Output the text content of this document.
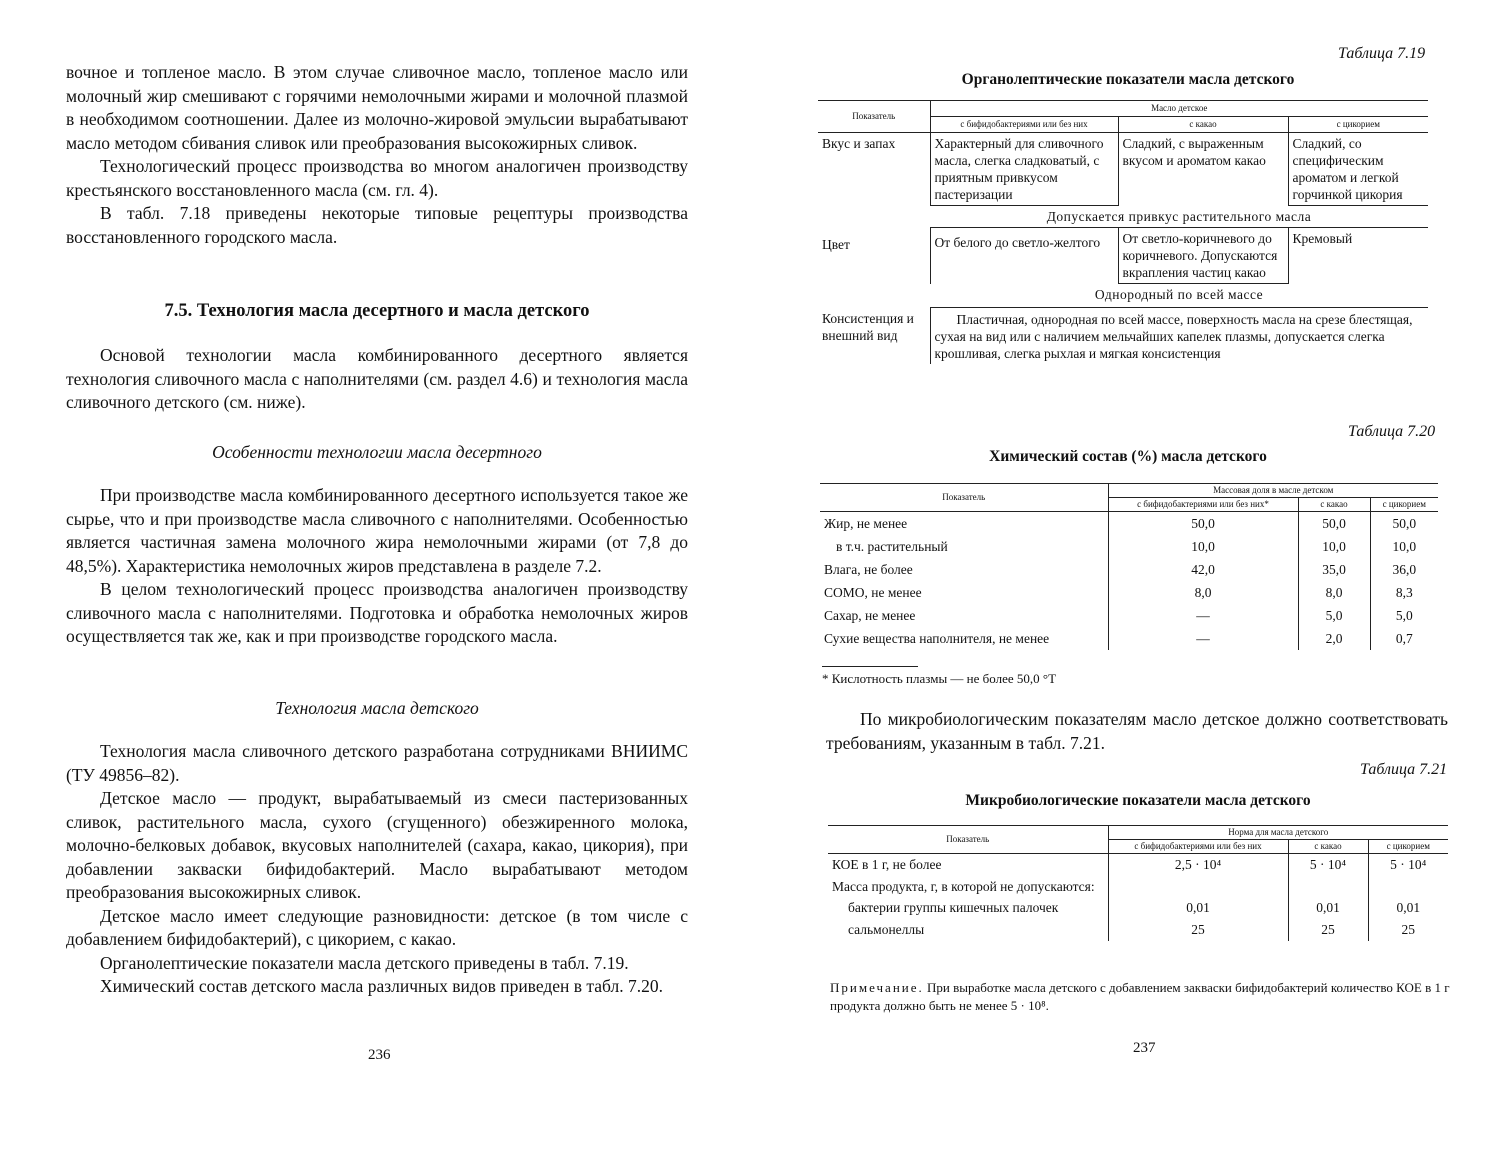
вочное и топленое масло. В этом случае сливочное масло, топленое масло или молочный жир смешивают с горячими немолочными жирами и молочной плазмой в необходимом соотношении. Далее из молочно-жировой эмульсии вырабатывают масло методом сбивания сливок или преобразования высокожирных сливок.

Технологический процесс производства во многом аналогичен производству крестьянского восстановленного масла (см. гл. 4).

В табл. 7.18 приведены некоторые типовые рецептуры производства восстановленного городского масла.

7.5. Технология масла десертного и масла детского

Основой технологии масла комбинированного десертного является технология сливочного масла с наполнителями (см. раздел 4.6) и технология масла сливочного детского (см. ниже).

Особенности технологии масла десертного

При производстве масла комбинированного десертного используется такое же сырье, что и при производстве масла сливочного с наполнителями. Особенностью является частичная замена молочного жира немолочными жирами (от 7,8 до 48,5%). Характеристика немолочных жиров представлена в разделе 7.2.

В целом технологический процесс производства аналогичен производству сливочного масла с наполнителями. Подготовка и обработка немолочных жиров осуществляется так же, как и при производстве городского масла.

Технология масла детского

Технология масла сливочного детского разработана сотрудниками ВНИИМС (ТУ 49856–82).

Детское масло — продукт, вырабатываемый из смеси пастеризованных сливок, растительного масла, сухого (сгущенного) обезжиренного молока, молочно-белковых добавок, вкусовых наполнителей (сахара, какао, цикория), при добавлении закваски бифидобактерий. Масло вырабатывают методом преобразования высокожирных сливок.

Детское масло имеет следующие разновидности: детское (в том числе с добавлением бифидобактерий), с цикорием, с какао.

Органолептические показатели масла детского приведены в табл. 7.19.

Химический состав детского масла различных видов приведен в табл. 7.20.

236
Таблица 7.19
Органолептические показатели масла детского
Показатель	Масло детское		
	с бифидобактериями или без них	с какао	с цикорием
Вкус и запах	Характерный для сливочного масла, слегка сладковатый, с приятным привкусом пастеризации	Сладкий, с выраженным вкусом и ароматом какао	Сладкий, со специфическим ароматом и легкой горчинкой цикория
	Допускается привкус растительного масла		
Цвет	От белого до светло-желтого	От светло-коричневого до коричневого. Допускаются вкрапления частиц какао	Кремовый
	Однородный по всей массе		
Консистенция и внешний вид	Пластичная, однородная по всей массе, поверхность масла на срезе блестящая, сухая на вид или с наличием мельчайших капелек плазмы, допускается слегка крошливая, слегка рыхлая и мягкая консистенция		
Таблица 7.20
Химический состав (%) масла детского
Показатель	Массовая доля в масле детском		
	с бифидобактериями или без них*	с какао	с цикорием
Жир, не менее	50,0	50,0	50,0
в т.ч. растительный	10,0	10,0	10,0
Влага, не более	42,0	35,0	36,0
СОМО, не менее	8,0	8,0	8,3
Сахар, не менее	—	5,0	5,0
Сухие вещества наполнителя, не менее	—	2,0	0,7
* Кислотность плазмы — не более 50,0 °Т
По микробиологическим показателям масло детское должно соответствовать требованиям, указанным в табл. 7.21.
Таблица 7.21
Микробиологические показатели масла детского
Показатель	Норма для масла детского		
	с бифидобактериями или без них	с какао	с цикорием
КОЕ в 1 г, не более	2,5 · 10⁴	5 · 10⁴	5 · 10⁴
Масса продукта, г, в которой не допускаются:			
бактерии группы кишечных палочек	0,01	0,01	0,01
сальмонеллы	25	25	25
Примечание. При выработке масла детского с добавлением закваски бифидобактерий количество КОЕ в 1 г продукта должно быть не менее 5 · 10⁸.
237
